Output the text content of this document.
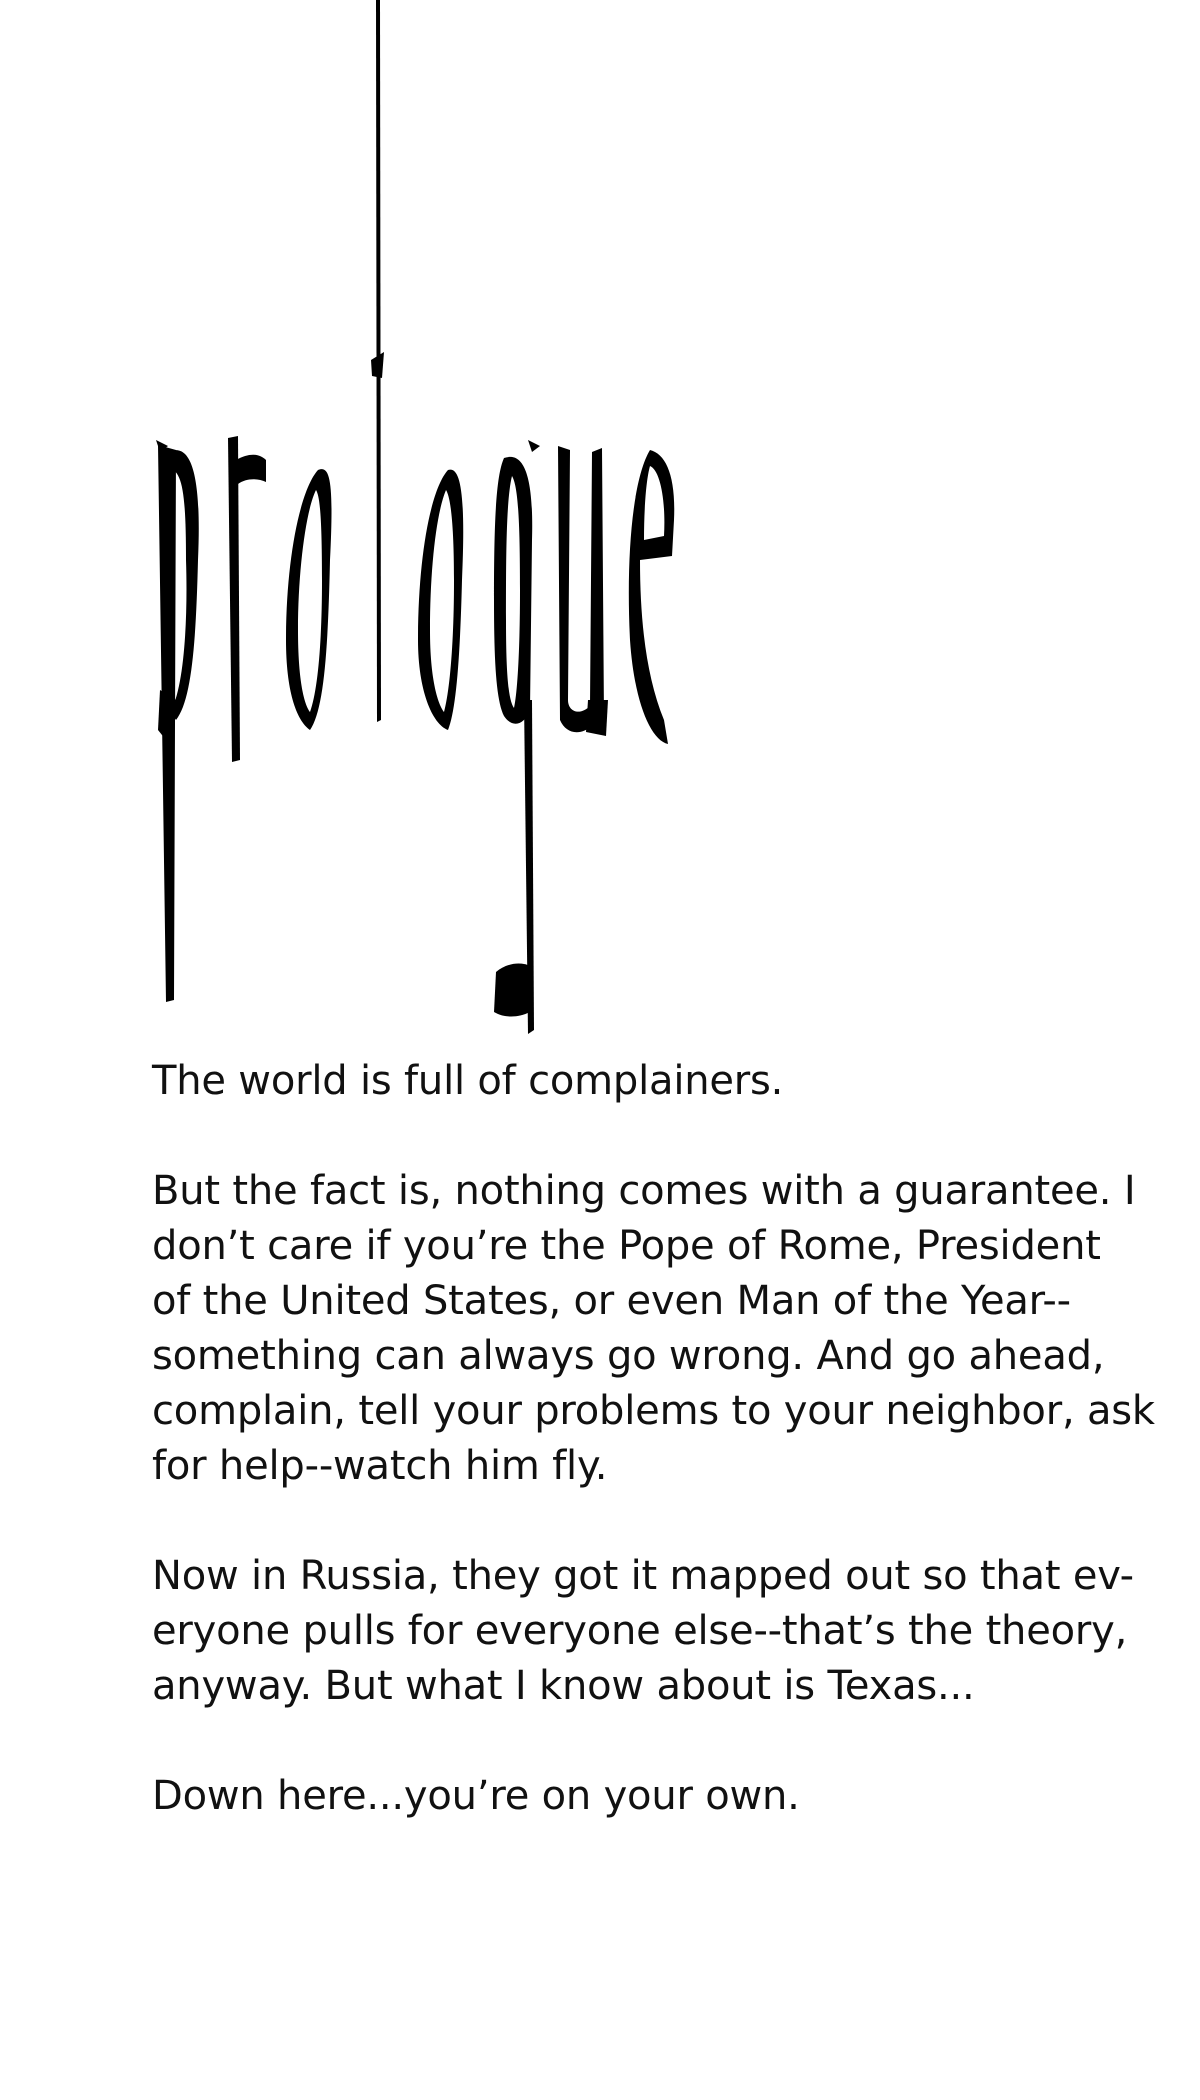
The world is full of complainers.

But the fact is, nothing comes with a guarantee. I
don’t care if you’re the Pope of Rome, President
of the United States, or even Man of the Year--
something can always go wrong. And go ahead,
complain, tell your problems to your neighbor, ask
for help--watch him fly.

Now in Russia, they got it mapped out so that ev-
eryone pulls for everyone else--that’s the theory,
anyway. But what I know about is Texas...

Down here...you’re on your own.
